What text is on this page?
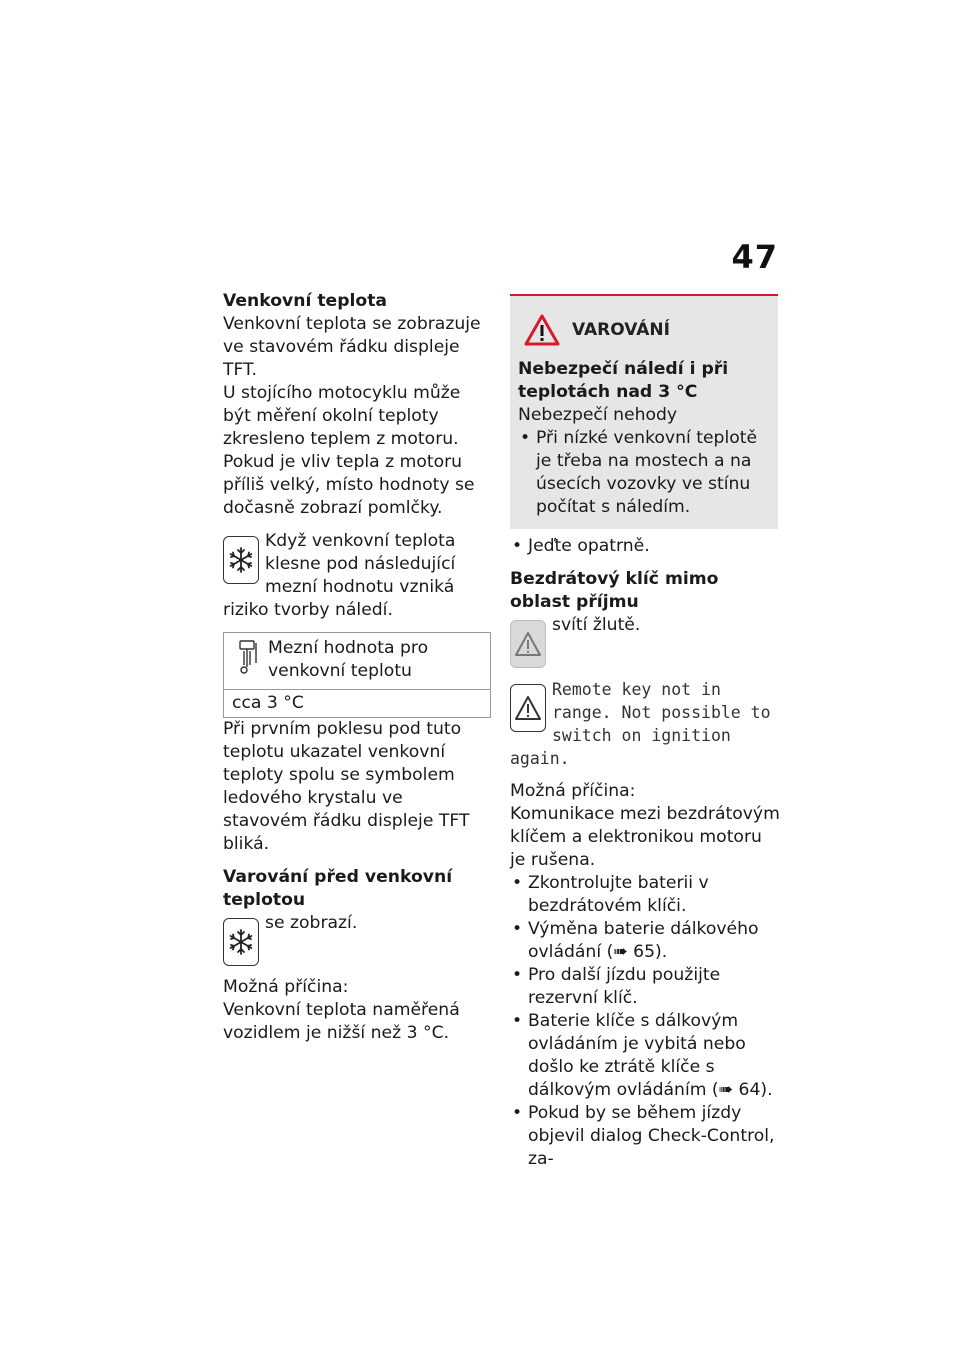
47

Venkovní teplota

Venkovní teplota se zobrazuje ve stavovém řádku displeje TFT.

U stojícího motocyklu může být měření okolní teploty zkresleno teplem z motoru. Pokud je vliv tepla z motoru příliš velký, místo hodnoty se dočasně zobrazí pomlčky.

Když venkovní teplota klesne pod následující mezní hodnotu vzniká riziko tvorby náledí.

Mezní hodnota pro venkovní teplotu
cca 3 °C

Při prvním poklesu pod tuto teplotu ukazatel venkovní teploty spolu se symbolem ledového krystalu ve stavovém řádku displeje TFT bliká.

Varování před venkovní teplotou

se zobrazí.

Možná příčina:

Venkovní teplota naměřená vozidlem je nižší než 3 °C.

VAROVÁNÍ

Nebezpečí náledí i při teplotách nad 3 °C

Nebezpečí nehody

• Při nízké venkovní teplotě je třeba na mostech a na úsecích vozovky ve stínu počítat s náledím.
• Jeďte opatrně.

Bezdrátový klíč mimo oblast příjmu

svítí žlutě.

Remote key not in range. Not possible to switch on ignition again.

Možná příčina:

Komunikace mezi bezdrátovým klíčem a elektronikou motoru je rušena.

• Zkontrolujte baterii v bezdrátovém klíči.
• Výměna baterie dálkového ovládání (➠ 65).
• Pro další jízdu použijte rezervní klíč.
• Baterie klíče s dálkovým ovládáním je vybitá nebo došlo ke ztrátě klíče s dálkovým ovládáním (➠ 64).
• Pokud by se během jízdy objevil dialog Check-Control, za-
